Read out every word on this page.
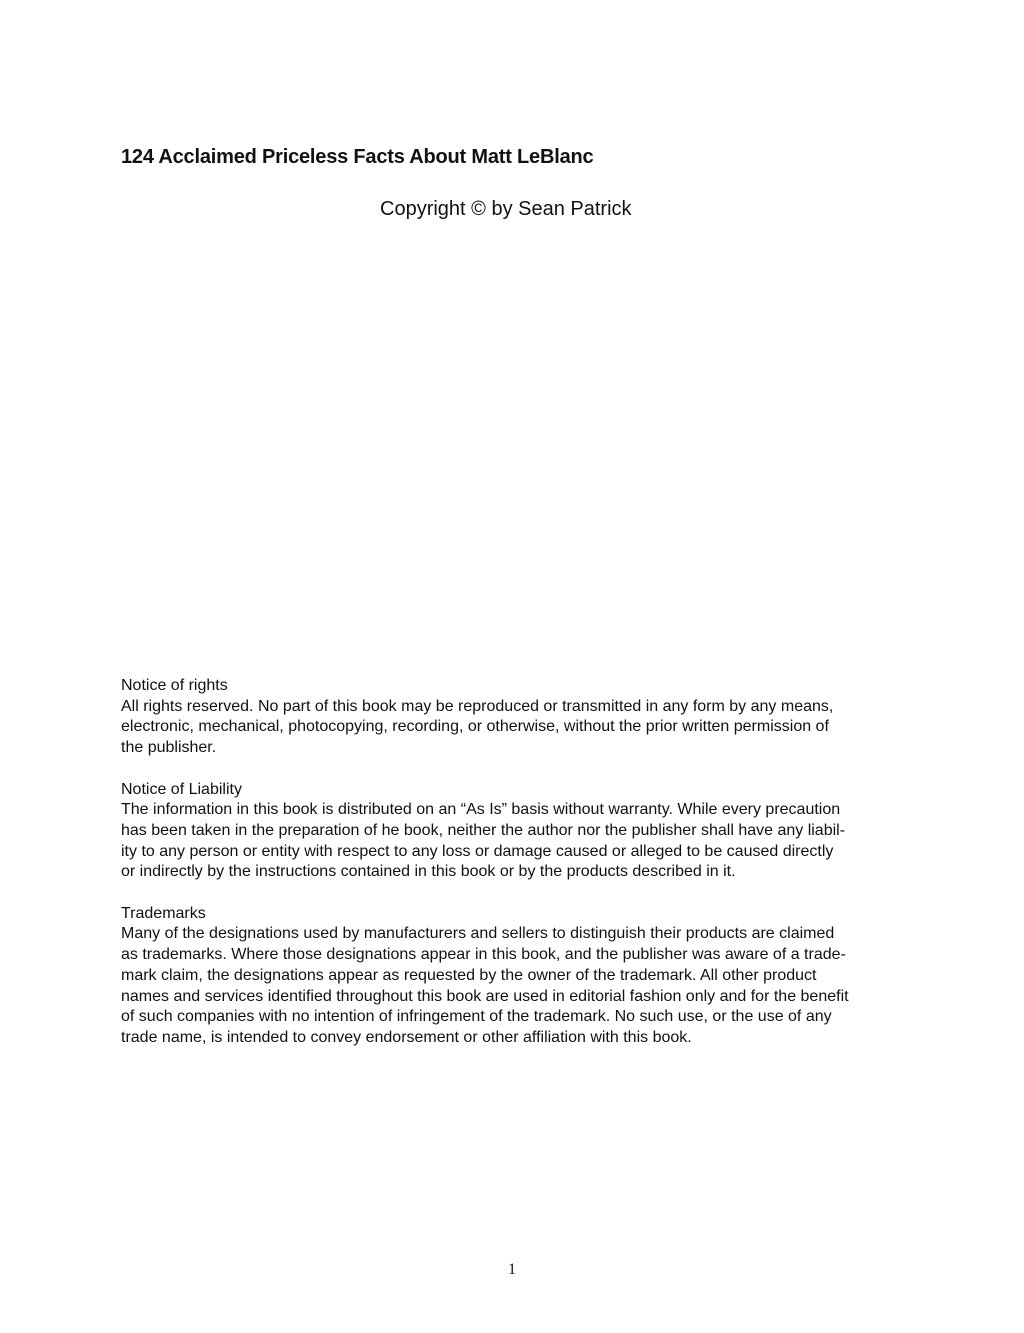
124 Acclaimed Priceless Facts About Matt LeBlanc

Copyright © by Sean Patrick

Notice of rights
All rights reserved. No part of this book may be reproduced or transmitted in any form by any means,
electronic, mechanical, photocopying, recording, or otherwise, without the prior written permission of
the publisher.
Notice of Liability
The information in this book is distributed on an “As Is” basis without warranty. While every precaution
has been taken in the preparation of he book, neither the author nor the publisher shall have any liabil-
ity to any person or entity with respect to any loss or damage caused or alleged to be caused directly
or indirectly by the instructions contained in this book or by the products described in it.
Trademarks
Many of the designations used by manufacturers and sellers to distinguish their products are claimed
as trademarks. Where those designations appear in this book, and the publisher was aware of a trade-
mark claim, the designations appear as requested by the owner of the trademark. All other product
names and services identified throughout this book are used in editorial fashion only and for the benefit
of such companies with no intention of infringement of the trademark. No such use, or the use of any
trade name, is intended to convey endorsement or other affiliation with this book.
1
